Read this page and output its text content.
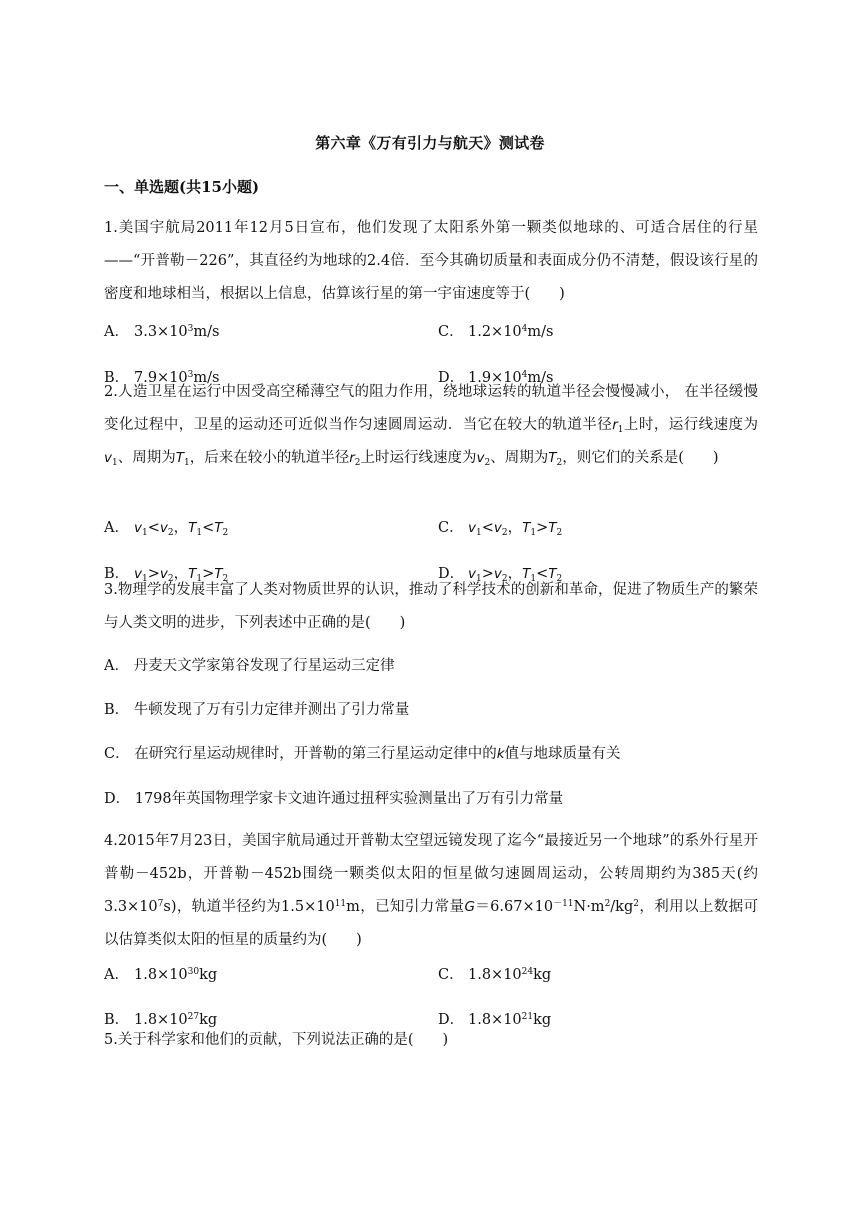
第六章《万有引力与航天》测试卷
一、单选题(共15小题)
1.美国宇航局2011年12月5日宣布，他们发现了太阳系外第一颗类似地球的、可适合居住的行星——“开普勒－226”，其直径约为地球的2.4倍．至今其确切质量和表面成分仍不清楚，假设该行星的密度和地球相当，根据以上信息，估算该行星的第一宇宙速度等于(　　)
A． $3.3\times 10^3m/s$	C． $1.2\times 10^4m/s$
B． $7.9\times 10^3m/s$	D． $1.9\times 10^4m/s$
2.人造卫星在运行中因受高空稀薄空气的阻力作用，绕地球运转的轨道半径会慢慢减小， 在半径缓慢变化过程中，卫星的运动还可近似当作匀速圆周运动．当它在较大的轨道半径$r_1$上时，运行线速度为$v_1$、周期为$T_1$，后来在较小的轨道半径$r_2$上时运行线速度为$v_2$、周期为$T_2$，则它们的关系是(　　)
A． $v_1<v_2$，$T_1<T_2$	C． $v_1<v_2$，$T_1>T_2$
B． $v_1>v_2$，$T_1>T_2$	D． $v_1>v_2$，$T_1<T_2$
3.物理学的发展丰富了人类对物质世界的认识，推动了科学技术的创新和革命，促进了物质生产的繁荣与人类文明的进步，下列表述中正确的是(　　)
A． 丹麦天文学家第谷发现了行星运动三定律
B． 牛顿发现了万有引力定律并测出了引力常量
C． 在研究行星运动规律时，开普勒的第三行星运动定律中的k值与地球质量有关
D． 1798年英国物理学家卡文迪许通过扭秤实验测量出了万有引力常量
4.2015年7月23日，美国宇航局通过开普勒太空望远镜发现了迄今“最接近另一个地球”的系外行星开普勒－452b，开普勒－452b围绕一颗类似太阳的恒星做匀速圆周运动，公转周期约为385天(约$3.3\times 10^7s$)，轨道半径约为$1.5\times 10^{11}m$，已知引力常量$G=6.67\times 10^{-11}N\cdot m^2/kg^2$，利用以上数据可以估算类似太阳的恒星的质量约为(　　)
A． $1.8\times 10^{30}kg$	C． $1.8\times 10^{24}kg$
B． $1.8\times 10^{27}kg$	D． $1.8\times 10^{21}kg$
5.关于科学家和他们的贡献，下列说法正确的是(　　)
